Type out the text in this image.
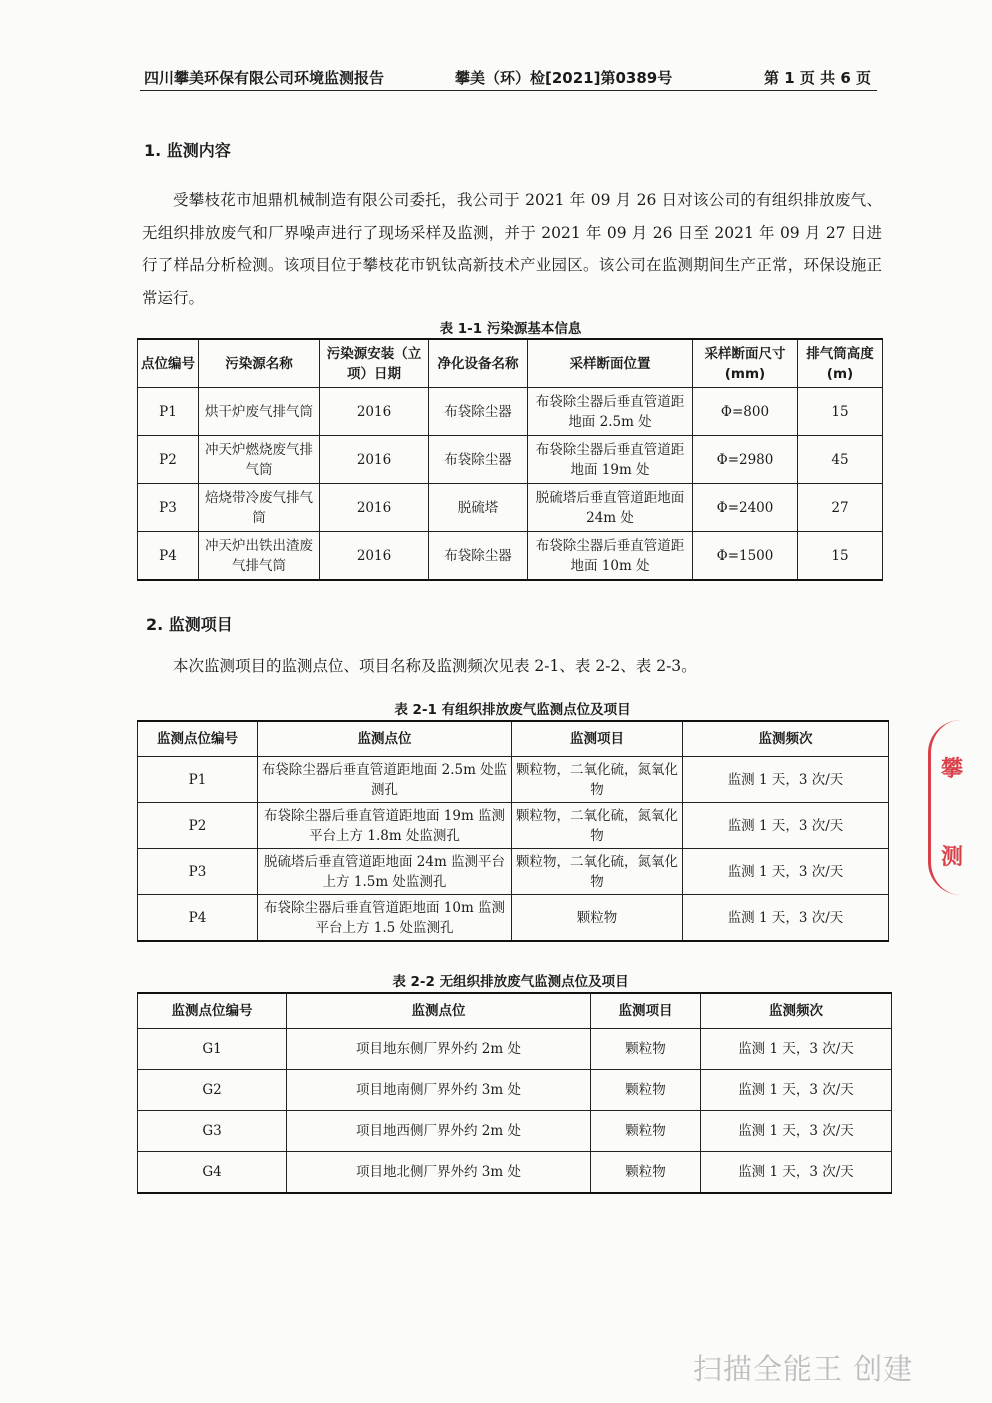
四川攀美环保有限公司环境监测报告	攀美（环）检[2021]第0389号	第 1 页 共 6 页
1. 监测内容
受攀枝花市旭鼎机械制造有限公司委托，我公司于 2021 年 09 月 26 日对该公司的有组织排放废气、无组织排放废气和厂界噪声进行了现场采样及监测，并于 2021 年 09 月 26 日至 2021 年 09 月 27 日进行了样品分析检测。该项目位于攀枝花市钒钛高新技术产业园区。该公司在监测期间生产正常，环保设施正常运行。
表 1-1 污染源基本信息
点位编号	污染源名称	污染源安装（立项）日期	净化设备名称	采样断面位置	采样断面尺寸(mm)	排气筒高度(m)
P1	烘干炉废气排气筒	2016	布袋除尘器	布袋除尘器后垂直管道距地面 2.5m 处	Φ=800	15
P2	冲天炉燃烧废气排气筒	2016	布袋除尘器	布袋除尘器后垂直管道距地面 19m 处	Φ=2980	45
P3	焙烧带冷废气排气筒	2016	脱硫塔	脱硫塔后垂直管道距地面 24m 处	Φ=2400	27
P4	冲天炉出铁出渣废气排气筒	2016	布袋除尘器	布袋除尘器后垂直管道距地面 10m 处	Φ=1500	15
2. 监测项目
本次监测项目的监测点位、项目名称及监测频次见表 2-1、表 2-2、表 2-3。
表 2-1 有组织排放废气监测点位及项目
监测点位编号	监测点位	监测项目	监测频次
P1	布袋除尘器后垂直管道距地面 2.5m 处监测孔	颗粒物，二氧化硫，氮氧化物	监测 1 天，3 次/天
P2	布袋除尘器后垂直管道距地面 19m 监测平台上方 1.8m 处监测孔	颗粒物，二氧化硫，氮氧化物	监测 1 天，3 次/天
P3	脱硫塔后垂直管道距地面 24m 监测平台上方 1.5m 处监测孔	颗粒物，二氧化硫，氮氧化物	监测 1 天，3 次/天
P4	布袋除尘器后垂直管道距地面 10m 监测平台上方 1.5 处监测孔	颗粒物	监测 1 天，3 次/天
表 2-2 无组织排放废气监测点位及项目
监测点位编号	监测点位	监测项目	监测频次
G1	项目地东侧厂界外约 2m 处	颗粒物	监测 1 天，3 次/天
G2	项目地南侧厂界外约 3m 处	颗粒物	监测 1 天，3 次/天
G3	项目地西侧厂界外约 2m 处	颗粒物	监测 1 天，3 次/天
G4	项目地北侧厂界外约 3m 处	颗粒物	监测 1 天，3 次/天
攀
测
扫描全能王 创建
